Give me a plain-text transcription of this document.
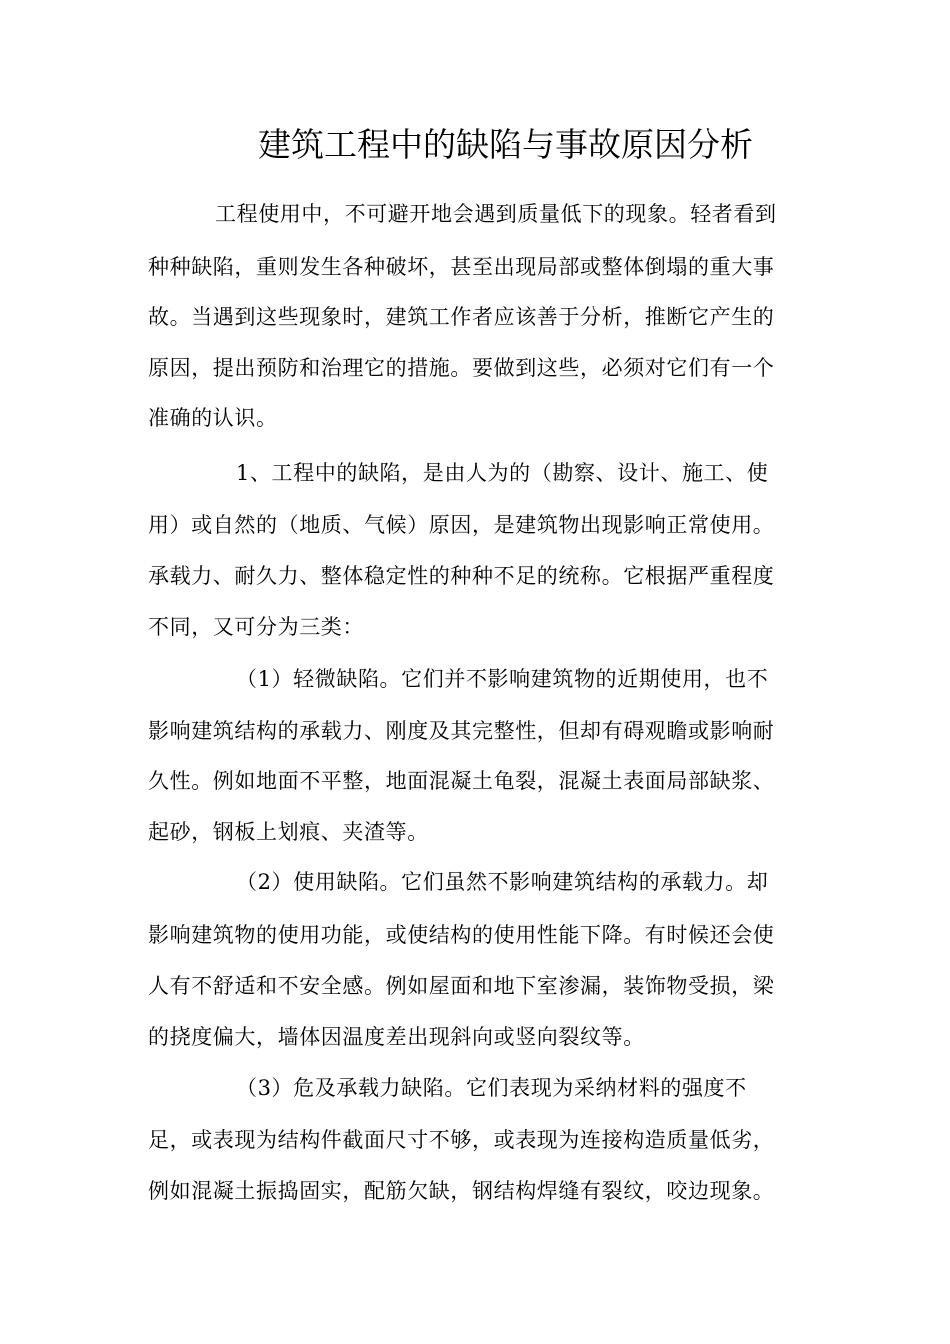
建筑工程中的缺陷与事故原因分析
工程使用中，不可避开地会遇到质量低下的现象。轻者看到
种种缺陷，重则发生各种破坏，甚至出现局部或整体倒塌的重大事
故。当遇到这些现象时，建筑工作者应该善于分析，推断它产生的
原因，提出预防和治理它的措施。要做到这些，必须对它们有一个
准确的认识。
1、工程中的缺陷，是由人为的（勘察、设计、施工、使
用）或自然的（地质、气候）原因，是建筑物出现影响正常使用。
承载力、耐久力、整体稳定性的种种不足的统称。它根据严重程度
不同，又可分为三类：
（1）轻微缺陷。它们并不影响建筑物的近期使用，也不
影响建筑结构的承载力、刚度及其完整性，但却有碍观瞻或影响耐
久性。例如地面不平整，地面混凝土龟裂，混凝土表面局部缺浆、
起砂，钢板上划痕、夹渣等。
（2）使用缺陷。它们虽然不影响建筑结构的承载力。却
影响建筑物的使用功能，或使结构的使用性能下降。有时候还会使
人有不舒适和不安全感。例如屋面和地下室渗漏，装饰物受损，梁
的挠度偏大，墙体因温度差出现斜向或竖向裂纹等。
（3）危及承载力缺陷。它们表现为采纳材料的强度不
足，或表现为结构件截面尺寸不够，或表现为连接构造质量低劣，
例如混凝土振捣固实，配筋欠缺，钢结构焊缝有裂纹，咬边现象。
